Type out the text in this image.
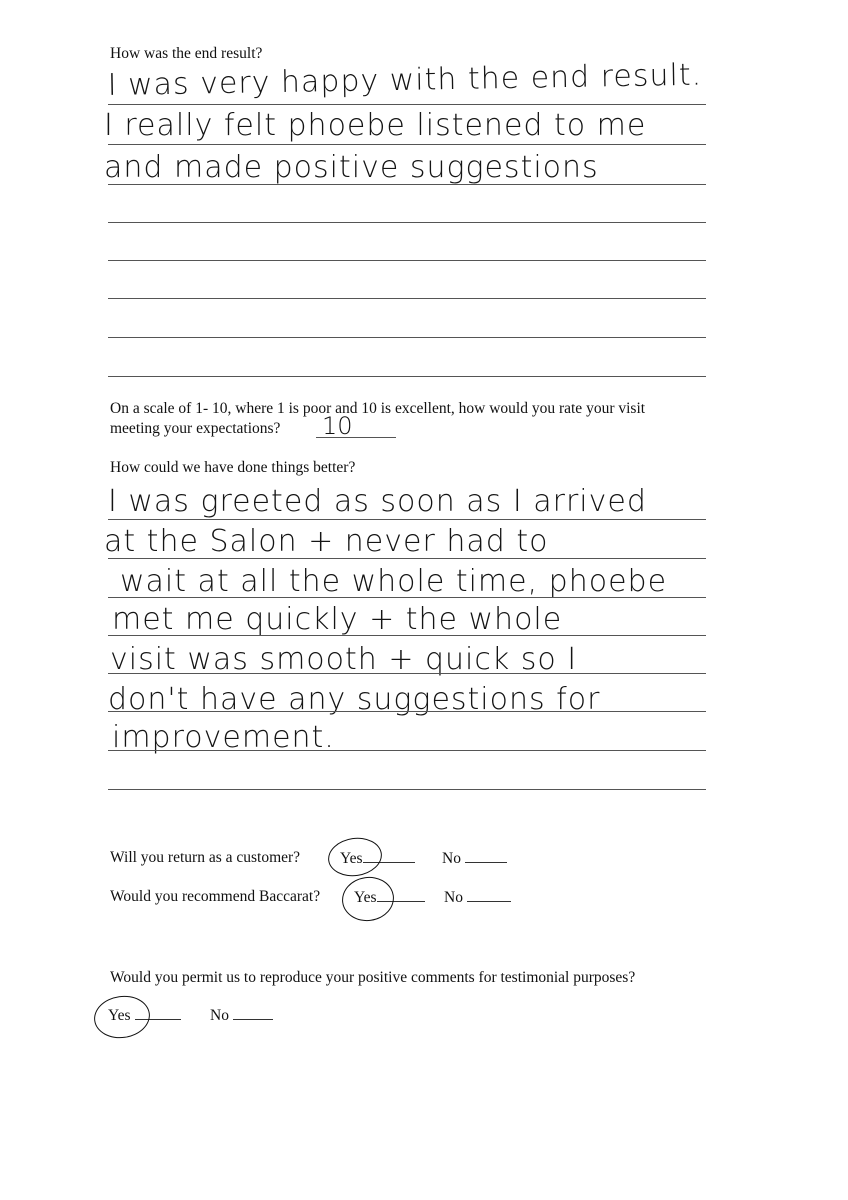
How was the end result?
I was very happy with the end result.
I really felt phoebe listened to me
and made positive suggestions
On a scale of 1- 10, where 1 is poor and 10 is excellent, how would you rate your visit
meeting your expectations? 10
How could we have done things better?
I was greeted as soon as I arrived
at the Salon + never had to
wait at all the whole time, phoebe
met me quickly + the whole
visit was smooth + quick so I
don't have any suggestions for
improvement.
Will you return as a customer?	Yes	No
Would you recommend Baccarat? Yes	No
Would you permit us to reproduce your positive comments for testimonial purposes?
Yes	No
